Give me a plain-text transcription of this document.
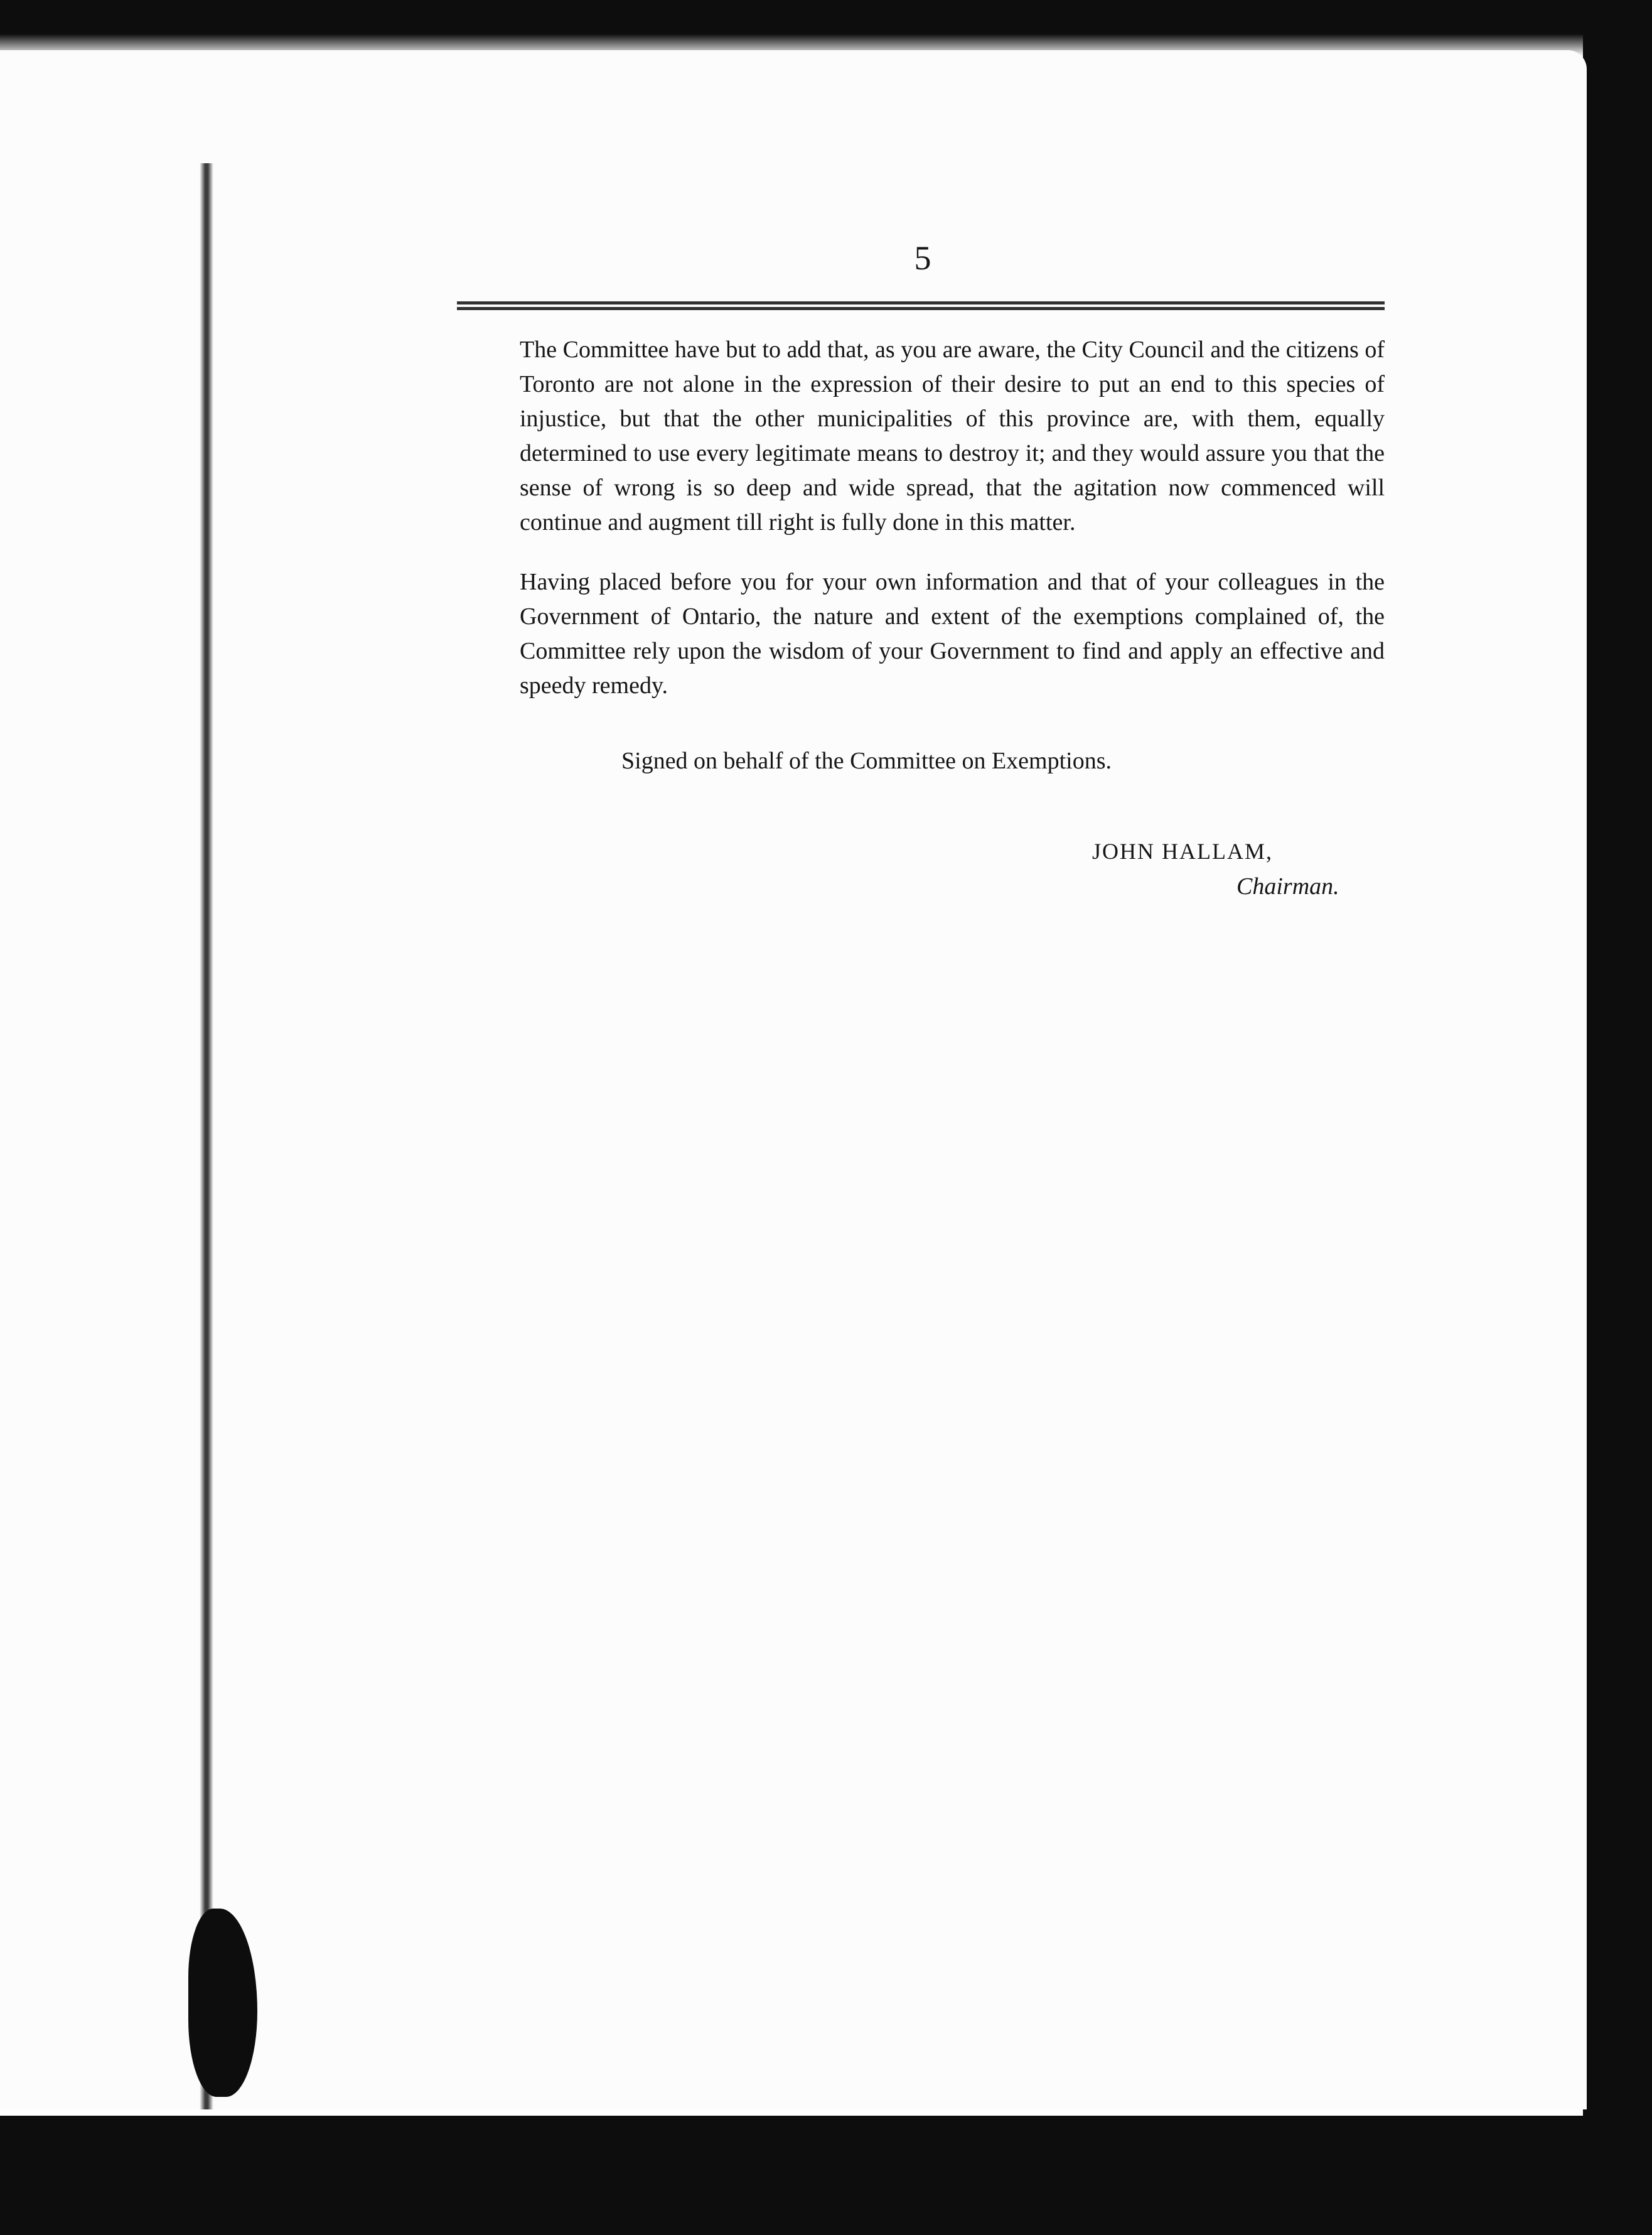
5

The Committee have but to add that, as you are aware, the City Council and the citizens of Toronto are not alone in the expression of their desire to put an end to this species of injustice, but that the other municipalities of this province are, with them, equally determined to use every legitimate means to destroy it; and they would assure you that the sense of wrong is so deep and wide spread, that the agitation now commenced will continue and augment till right is fully done in this matter.

Having placed before you for your own information and that of your colleagues in the Government of Ontario, the nature and extent of the exemptions complained of, the Committee rely upon the wisdom of your Government to find and apply an effective and speedy remedy.

Signed on behalf of the Committee on Exemptions.
JOHN HALLAM,
Chairman.
